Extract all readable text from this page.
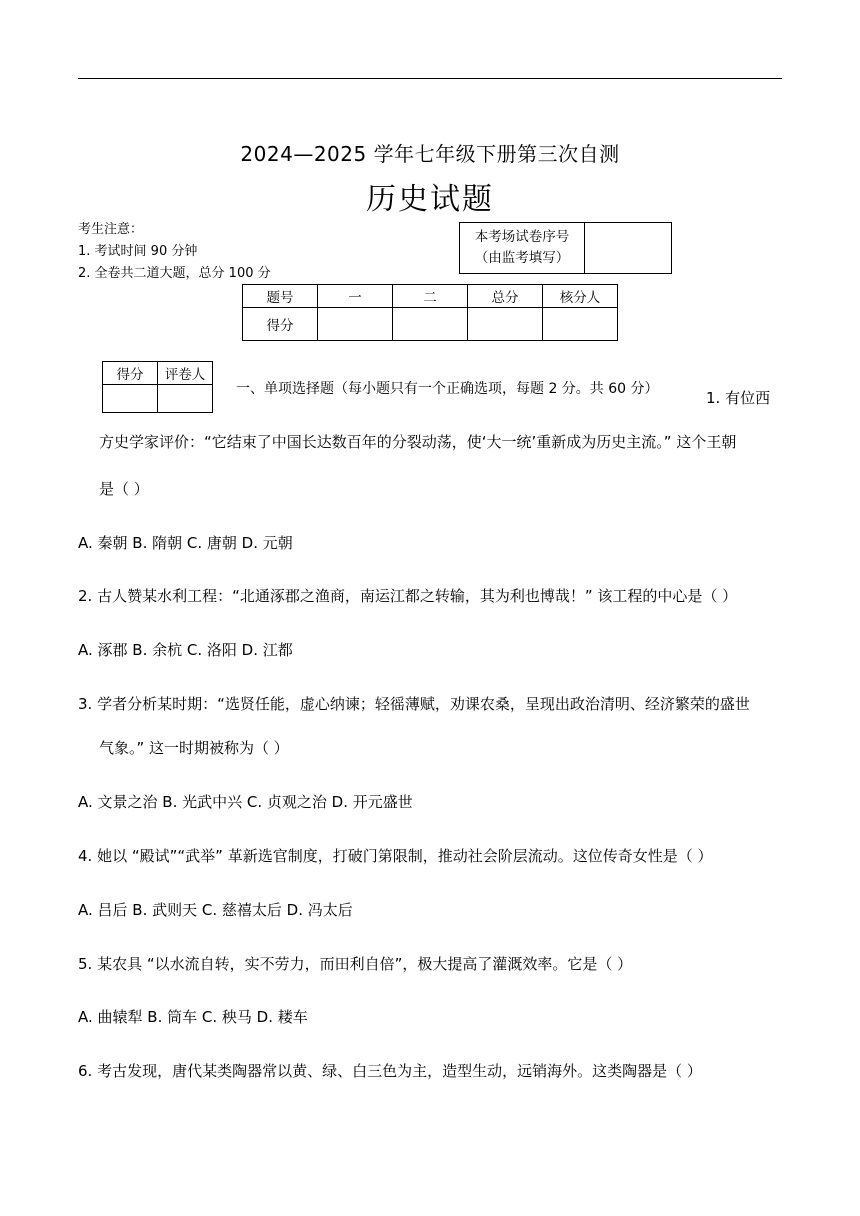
2024—2025 学年七年级下册第三次自测
历史试题
考生注意：
1. 考试时间 90 分钟
2. 全卷共二道大题，总分 100 分
本考场试卷序号
（由监考填写）

题号	一	二	总分	核分人
得分				
得分	评卷人

一、单项选择题（每小题只有一个正确选项，每题 2 分。共 60 分）	1. 有位西
方史学家评价：“它结束了中国长达数百年的分裂动荡，使‘大一统’重新成为历史主流。” 这个王朝
是（ ）
A. 秦朝 B. 隋朝 C. 唐朝 D. 元朝
2. 古人赞某水利工程：“北通涿郡之渔商，南运江都之转输，其为利也博哉！” 该工程的中心是（ ）
A. 涿郡 B. 余杭 C. 洛阳 D. 江都
3. 学者分析某时期：“选贤任能，虚心纳谏；轻徭薄赋，劝课农桑，呈现出政治清明、经济繁荣的盛世
气象。” 这一时期被称为（ ）
A. 文景之治 B. 光武中兴 C. 贞观之治 D. 开元盛世
4. 她以 “殿试”“武举” 革新选官制度，打破门第限制，推动社会阶层流动。这位传奇女性是（ ）
A. 吕后 B. 武则天 C. 慈禧太后 D. 冯太后
5. 某农具 “以水流自转，实不劳力，而田利自倍”，极大提高了灌溉效率。它是（ ）
A. 曲辕犁 B. 筒车 C. 秧马 D. 耧车
6. 考古发现，唐代某类陶器常以黄、绿、白三色为主，造型生动，远销海外。这类陶器是（ ）
